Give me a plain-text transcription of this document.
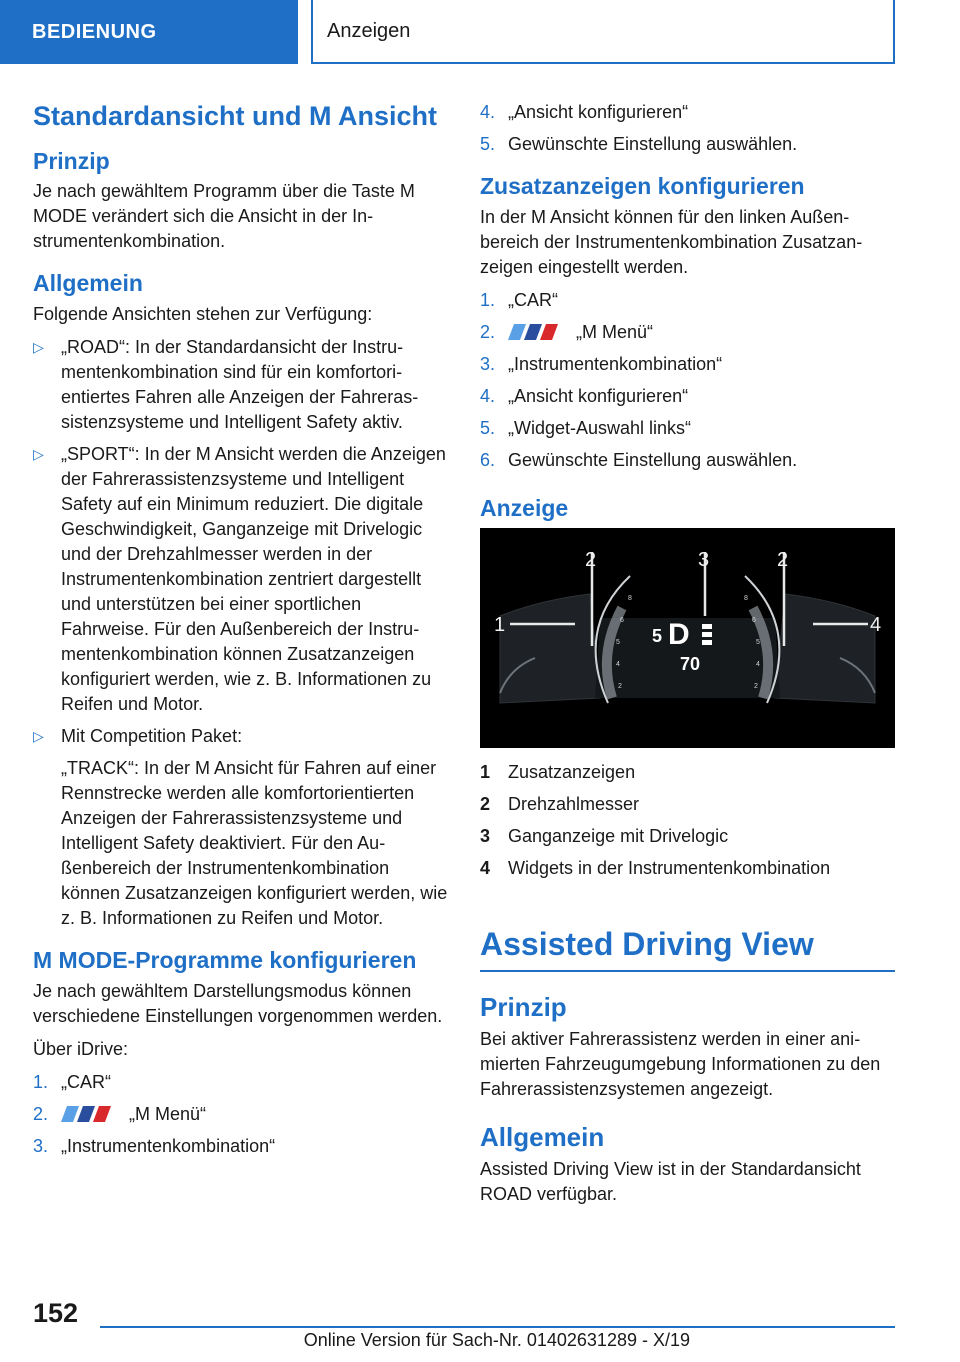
BEDIENUNG	Anzeigen
Standardansicht und M Ansicht
Prinzip

Je nach gewähltem Programm über die Taste M MODE verändert sich die Ansicht in der Instrumentenkombination.

Allgemein

Folgende Ansichten stehen zur Verfügung:

▷ „ROAD“: In der Standardansicht der Instrumentenkombination sind für ein komfortorientiertes Fahren alle Anzeigen der Fahrerassistenzsysteme und Intelligent Safety aktiv.

▷ „SPORT“: In der M Ansicht werden die Anzeigen der Fahrerassistenzsysteme und Intelligent Safety auf ein Minimum reduziert. Die digitale Geschwindigkeit, Ganganzeige mit Drivelogic und der Drehzahlmesser werden in der Instrumentenkombination zentriert dargestellt und unterstützen bei einer sportlichen Fahrweise. Für den Außenbereich der Instrumentenkombination können Zusatzanzeigen konfiguriert werden, wie z. B. Informationen zu Reifen und Motor.

▷ Mit Competition Paket:

„TRACK“: In der M Ansicht für Fahren auf einer Rennstrecke werden alle komfortorientierten Anzeigen der Fahrerassistenzsysteme und Intelligent Safety deaktiviert. Für den Außenbereich der Instrumentenkombination können Zusatzanzeigen konfiguriert werden, wie z. B. Informationen zu Reifen und Motor.

M MODE-Programme konfigurieren

Je nach gewähltem Darstellungsmodus können verschiedene Einstellungen vorgenommen werden.

Über iDrive:

1. „CAR“
2.	„M Menü“
3. „Instrumentenkombination“
4. „Ansicht konfigurieren“
5. Gewünschte Einstellung auswählen.
Zusatzanzeigen konfigurieren

In der M Ansicht können für den linken Außenbereich der Instrumentenkombination Zusatzanzeigen eingestellt werden.

1. „CAR“
2.	„M Menü“
3. „Instrumentenkombination“
4. „Ansicht konfigurieren“
5. „Widget-Auswahl links“
6. Gewünschte Einstellung auswählen.
Anzeige
8
6
5
4
2
8
6
5
4
2
5 D
70
1
2	3	2
4
1 Zusatzanzeigen
2 Drehzahlmesser
3 Ganganzeige mit Drivelogic
4 Widgets in der Instrumentenkombination
Assisted Driving View
Prinzip

Bei aktiver Fahrerassistenz werden in einer animierten Fahrzeugumgebung Informationen zu den Fahrerassistenzsystemen angezeigt.

Allgemein

Assisted Driving View ist in der Standardansicht ROAD verfügbar.

152
Online Version für Sach-Nr. 01402631289 - X/19
